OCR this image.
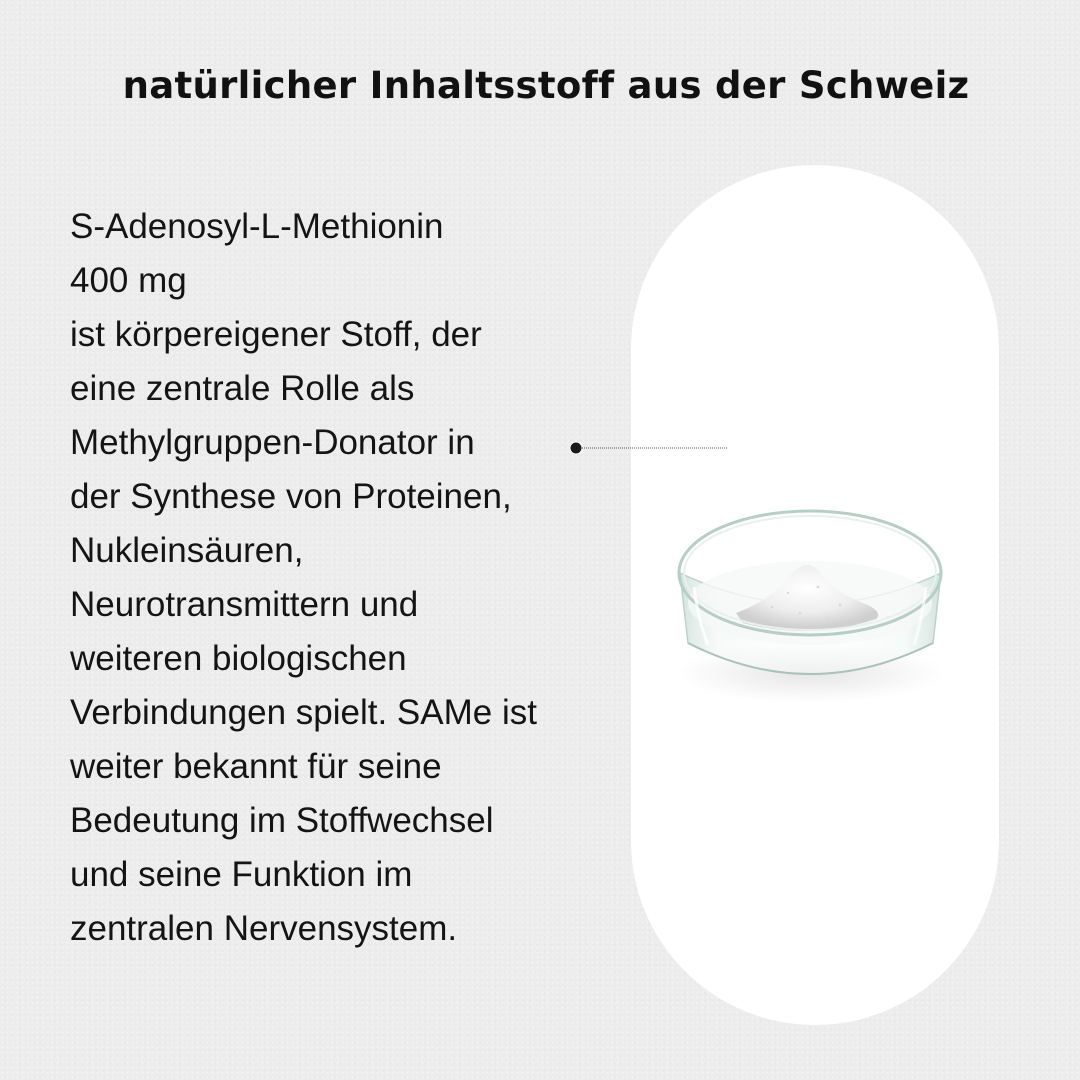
natürlicher Inhaltsstoff aus der Schweiz
S-Adenosyl-L-Methionin
400 mg
ist körpereigener Stoff, der
eine zentrale Rolle als
Methylgruppen-Donator in
der Synthese von Proteinen,
Nukleinsäuren,
Neurotransmittern und
weiteren biologischen
Verbindungen spielt. SAMe ist
weiter bekannt für seine
Bedeutung im Stoffwechsel
und seine Funktion im
zentralen Nervensystem.
